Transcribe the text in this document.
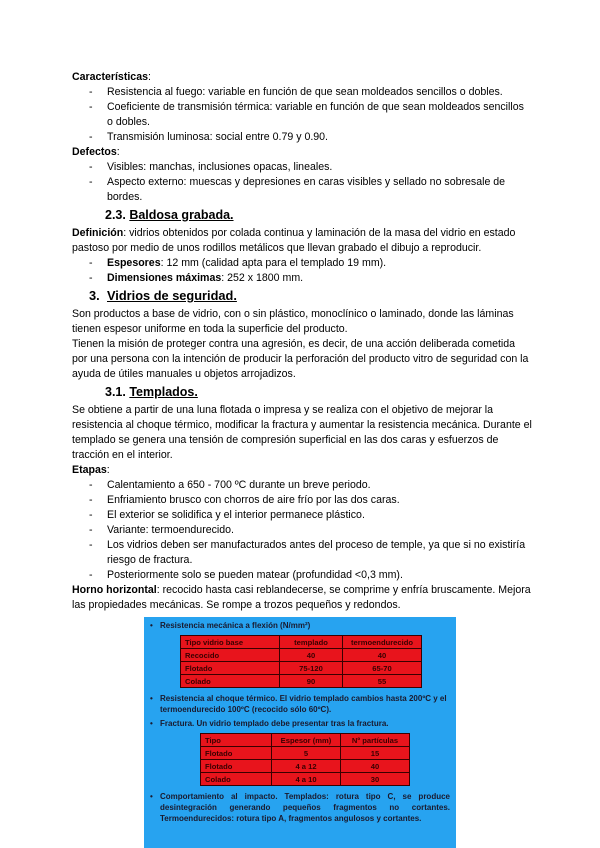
Características:

- Resistencia al fuego: variable en función de que sean moldeados sencillos o dobles.
- Coeficiente de transmisión térmica: variable en función de que sean moldeados sencillos o dobles.
- Transmisión luminosa: social entre 0.79 y 0.90.

Defectos:

- Visibles: manchas, inclusiones opacas, lineales.
- Aspecto externo: muescas y depresiones en caras visibles y sellado no sobresale de bordes.
2.3. Baldosa grabada.

Definición: vidrios obtenidos por colada continua y laminación de la masa del vidrio en estado pastoso por medio de unos rodillos metálicos que llevan grabado el dibujo a reproducir.

- Espesores: 12 mm (calidad apta para el templado 19 mm).
- Dimensiones máximas: 252 x 1800 mm.
3. Vidrios de seguridad.

Son productos a base de vidrio, con o sin plástico, monoclínico o laminado, donde las láminas tienen espesor uniforme en toda la superficie del producto.

Tienen la misión de proteger contra una agresión, es decir, de una acción deliberada cometida por una persona con la intención de producir la perforación del producto vitro de seguridad con la ayuda de útiles manuales u objetos arrojadizos.

3.1. Templados.

Se obtiene a partir de una luna flotada o impresa y se realiza con el objetivo de mejorar la resistencia al choque térmico, modificar la fractura y aumentar la resistencia mecánica. Durante el templado se genera una tensión de compresión superficial en las dos caras y esfuerzos de tracción en el interior.

Etapas:

- Calentamiento a 650 - 700 ºC durante un breve periodo.
- Enfriamiento brusco con chorros de aire frío por las dos caras.
- El exterior se solidifica y el interior permanece plástico.
- Variante: termoendurecido.
- Los vidrios deben ser manufacturados antes del proceso de temple, ya que si no existiría riesgo de fractura.
- Posteriormente solo se pueden matear (profundidad <0,3 mm).

Horno horizontal: recocido hasta casi reblandecerse, se comprime y enfría bruscamente. Mejora las propiedades mecánicas. Se rompe a trozos pequeños y redondos.

• Resistencia mecánica a flexión (N/mm²)
Tipo vidrio base	templado	termoendurecido
Recocido	40	40
Flotado	75-120	65-70
Colado	90	55
• Resistencia al choque térmico. El vidrio templado cambios hasta 200ºC y el termoendurecido 100ºC (recocido sólo 60ºC).
• Fractura. Un vidrio templado debe presentar tras la fractura.
Tipo	Espesor (mm)	Nº partículas
Flotado	5	15
Flotado	4 a 12	40
Colado	4 a 10	30
• Comportamiento al impacto. Templados: rotura tipo C, se produce desintegración generando pequeños fragmentos no cortantes. Termoendurecidos: rotura tipo A, fragmentos angulosos y cortantes.
